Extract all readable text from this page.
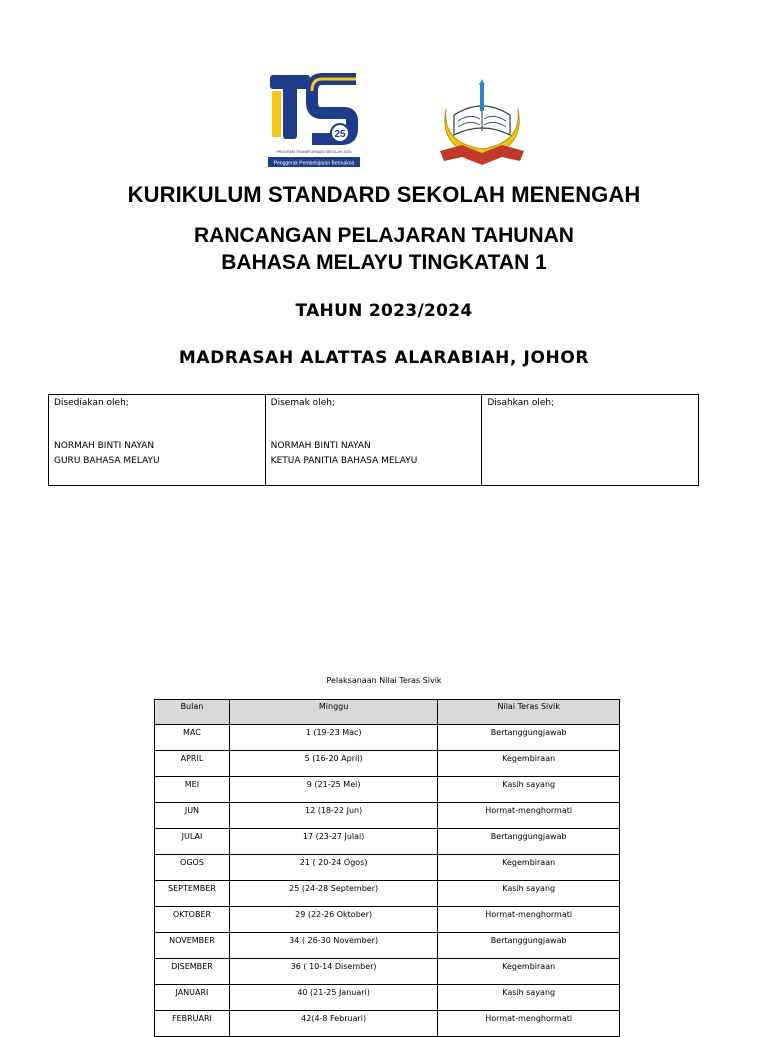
25
PROGRAM TRANSFORMASI SEKOLAH 2025
Penggerak Pembelajaran Bermakna
KURIKULUM STANDARD SEKOLAH MENENGAH
RANCANGAN PELAJARAN TAHUNAN
BAHASA MELAYU TINGKATAN 1
TAHUN 2023/2024
MADRASAH ALATTAS ALARABIAH, JOHOR
Disediakan oleh;
NORMAH BINTI NAYAN
GURU BAHASA MELAYU
Disemak oleh;
NORMAH BINTI NAYAN
KETUA PANITIA BAHASA MELAYU
Disahkan oleh;
Pelaksanaan Nilai Teras Sivik
Bulan	Minggu	Nilai Teras Sivik
MAC	1 (19-23 Mac)	Bertanggungjawab
APRIL	5 (16-20 April)	Kegembiraan
MEI	9 (21-25 Mei)	Kasih sayang
JUN	12 (18-22 Jun)	Hormat-menghormati
JULAI	17 (23-27 Julai)	Bertanggungjawab
OGOS	21 ( 20-24 Ogos)	Kegembiraan
SEPTEMBER	25 (24-28 September)	Kasih sayang
OKTOBER	29 (22-26 Oktober)	Hormat-menghormati
NOVEMBER	34 ( 26-30 November)	Bertanggungjawab
DISEMBER	36 ( 10-14 Disember)	Kegembiraan
JANUARI	40 (21-25 Januari)	Kasih sayang
FEBRUARI	42(4-8 Februari)	Hormat-menghormati
